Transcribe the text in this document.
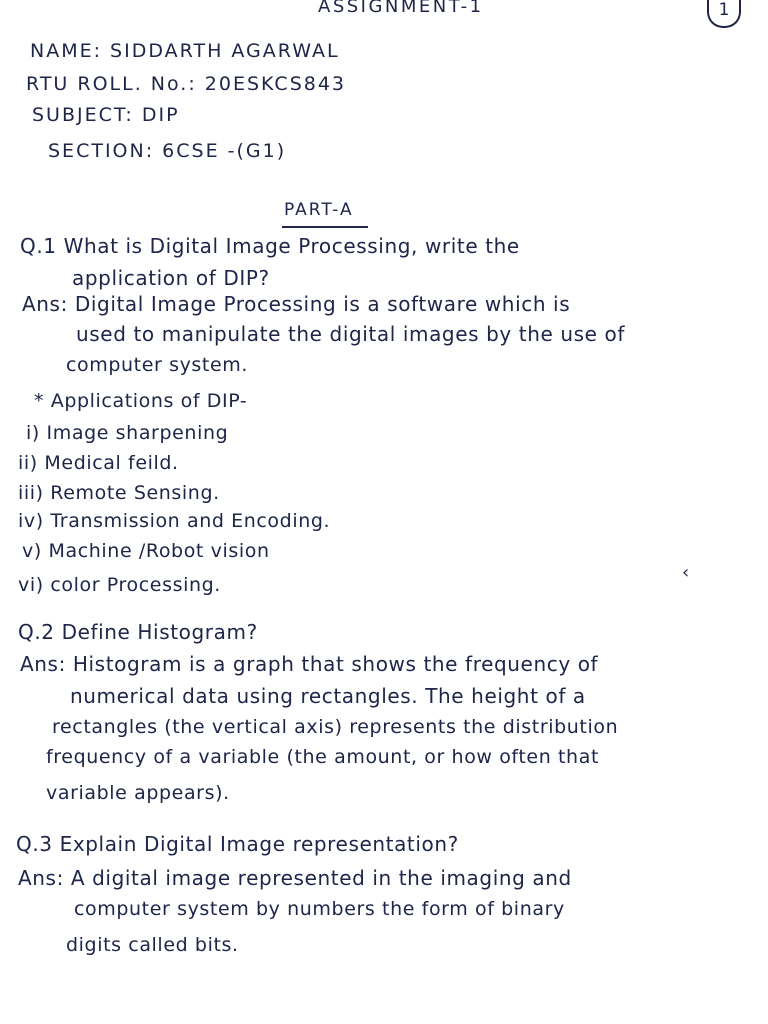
ASSIGNMENT-1	1
NAME: SIDDARTH AGARWAL
RTU ROLL. No.: 20ESKCS843
SUBJECT: DIP
SECTION: 6CSE -(G1)
PART-A
Q.1 What is Digital Image Processing, write the
application of DIP?
Ans: Digital Image Processing is a software which is
used to manipulate the digital images by the use of
computer system.
* Applications of DIP-
i) Image sharpening
ii) Medical feild.
iii) Remote Sensing.
iv) Transmission and Encoding.
v) Machine /Robot vision
vi) color Processing.
‹
Q.2 Define Histogram?
Ans: Histogram is a graph that shows the frequency of
numerical data using rectangles. The height of a
rectangles (the vertical axis) represents the distribution
frequency of a variable (the amount, or how often that
variable appears).
Q.3 Explain Digital Image representation?
Ans: A digital image represented in the imaging and
computer system by numbers the form of binary
digits called bits.
